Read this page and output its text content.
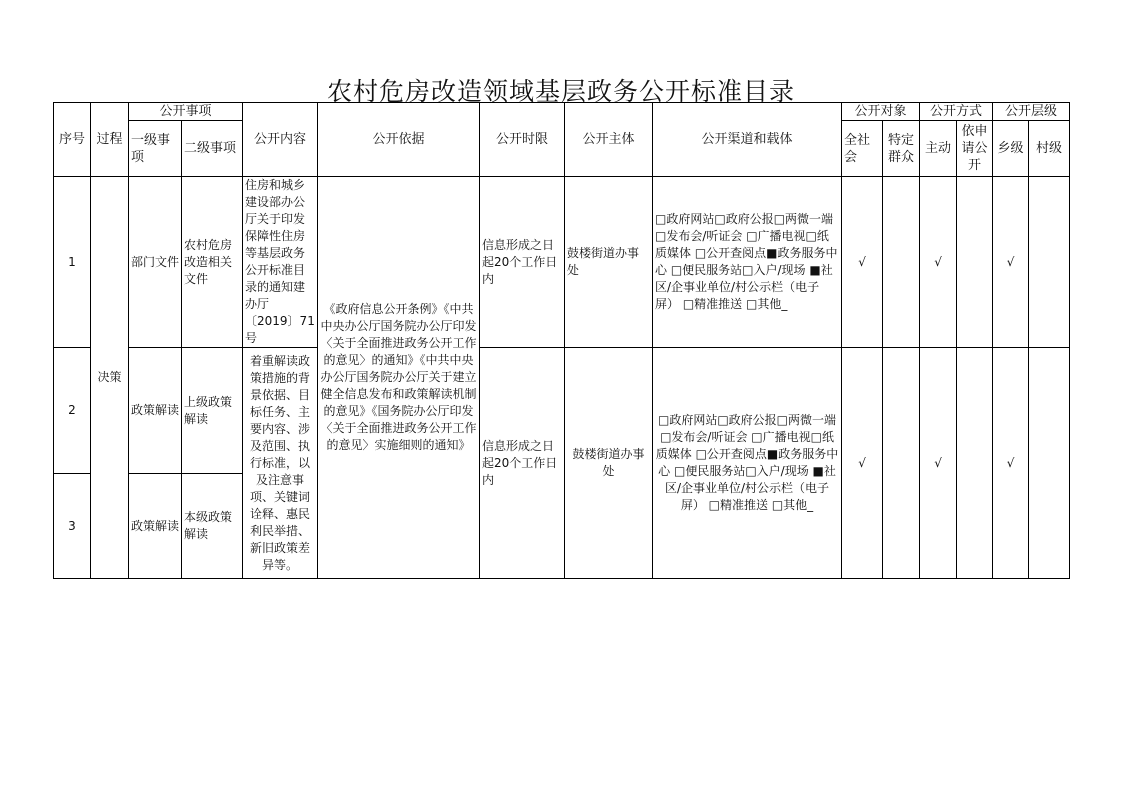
农村危房改造领域基层政务公开标准目录
序号	过程	公开事项		公开内容	公开依据	公开时限	公开主体	公开渠道和载体	公开对象		公开方式		公开层级	
		一级事项	二级事项						全社会	特定群众	主动	依申请公开	乡级	村级
1	决策	部门文件	农村危房改造相关文件	住房和城乡建设部办公厅关于印发保障性住房等基层政务公开标准目录的通知建办厅〔2019〕71号	《政府信息公开条例》《中共中央办公厅国务院办公厅印发〈关于全面推进政务公开工作的意见〉的通知》《中共中央办公厅国务院办公厅关于建立健全信息发布和政策解读机制的意见》《国务院办公厅印发〈关于全面推进政务公开工作的意见〉实施细则的通知》	信息形成之日起20个工作日内	鼓楼街道办事处	□政府网站□政府公报□两微一端 □发布会/听证会 □广播电视□纸质媒体 □公开查阅点■政务服务中心 □便民服务站□入户/现场 ■社区/企事业单位/村公示栏（电子屏） □精准推送 □其他_	√		√		√	
2		政策解读	上级政策解读	着重解读政策措施的背景依据、目标任务、主要内容、涉及范围、执行标准，以及注意事项、关键词诠释、惠民利民举措、新旧政策差异等。		信息形成之日起20个工作日内	鼓楼街道办事处	□政府网站□政府公报□两微一端 □发布会/听证会 □广播电视□纸质媒体 □公开查阅点■政务服务中心 □便民服务站□入户/现场 ■社区/企事业单位/村公示栏（电子屏） □精准推送 □其他_	√		√		√	
3		政策解读	本级政策解读											
